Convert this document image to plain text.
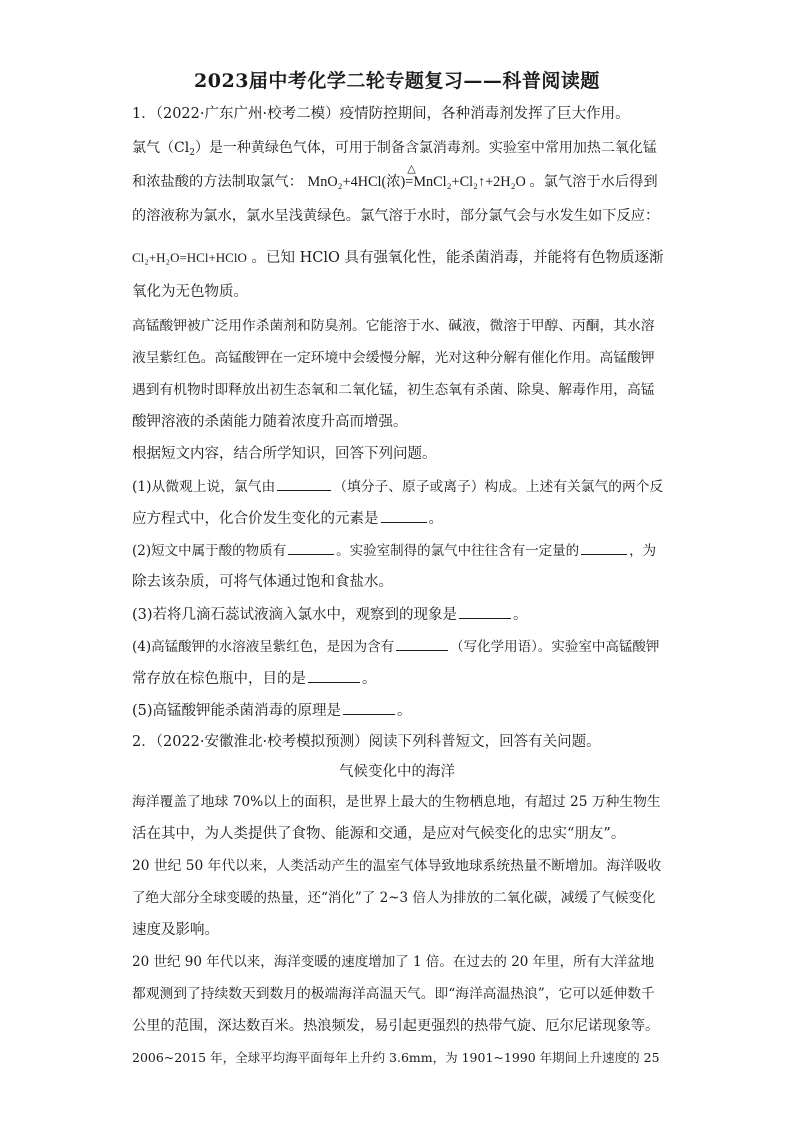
2023届中考化学二轮专题复习——科普阅读题
1．（2022·广东广州·校考二模）疫情防控期间，各种消毒剂发挥了巨大作用。
氯气$(Cl_2)$是一种黄绿色气体，可用于制备含氯消毒剂。实验室中常用加热二氧化锰
和浓盐酸的方法制取氯气： MnO₂+4HCl(浓)
△
=MnCl₂+Cl₂↑+2H₂O 。氯气溶于水后得到
的溶液称为氯水，氯水呈浅黄绿色。氯气溶于水时，部分氯气会与水发生如下反应：
Cl₂+H₂O=HCl+HClO 。已知 HClO 具有强氧化性，能杀菌消毒，并能将有色物质逐渐
氧化为无色物质。
高锰酸钾被广泛用作杀菌剂和防臭剂。它能溶于水、碱液，微溶于甲醇、丙酮，其水溶
液呈紫红色。高锰酸钾在一定环境中会缓慢分解，光对这种分解有催化作用。高锰酸钾
遇到有机物时即释放出初生态氧和二氧化锰，初生态氧有杀菌、除臭、解毒作用，高锰
酸钾溶液的杀菌能力随着浓度升高而增强。
根据短文内容，结合所学知识，回答下列问题。
(1)从微观上说，氯气由	（填分子、原子或离子）构成。上述有关氯气的两个反
应方程式中，化合价发生变化的元素是	。
(2)短文中属于酸的物质有	。实验室制得的氯气中往往含有一定量的	，为
除去该杂质，可将气体通过饱和食盐水。
(3)若将几滴石蕊试液滴入氯水中，观察到的现象是	。
(4)高锰酸钾的水溶液呈紫红色，是因为含有	（写化学用语）。实验室中高锰酸钾
常存放在棕色瓶中，目的是	。
(5)高锰酸钾能杀菌消毒的原理是	。
2．（2022·安徽淮北·校考模拟预测）阅读下列科普短文，回答有关问题。
气候变化中的海洋
海洋覆盖了地球 70%以上的面积，是世界上最大的生物栖息地，有超过 25 万种生物生
活在其中，为人类提供了食物、能源和交通，是应对气候变化的忠实“朋友”。
20 世纪 50 年代以来，人类活动产生的温室气体导致地球系统热量不断增加。海洋吸收
了绝大部分全球变暖的热量，还“消化”了 2~3 倍人为排放的二氧化碳，减缓了气候变化
速度及影响。
20 世纪 90 年代以来，海洋变暖的速度增加了 1 倍。在过去的 20 年里，所有大洋盆地
都观测到了持续数天到数月的极端海洋高温天气。即“海洋高温热浪”，它可以延伸数千
公里的范围，深达数百米。热浪频发，易引起更强烈的热带气旋、厄尔尼诺现象等。
2006~2015 年，全球平均海平面每年上升约 3.6mm，为 1901~1990 年期间上升速度的 25
